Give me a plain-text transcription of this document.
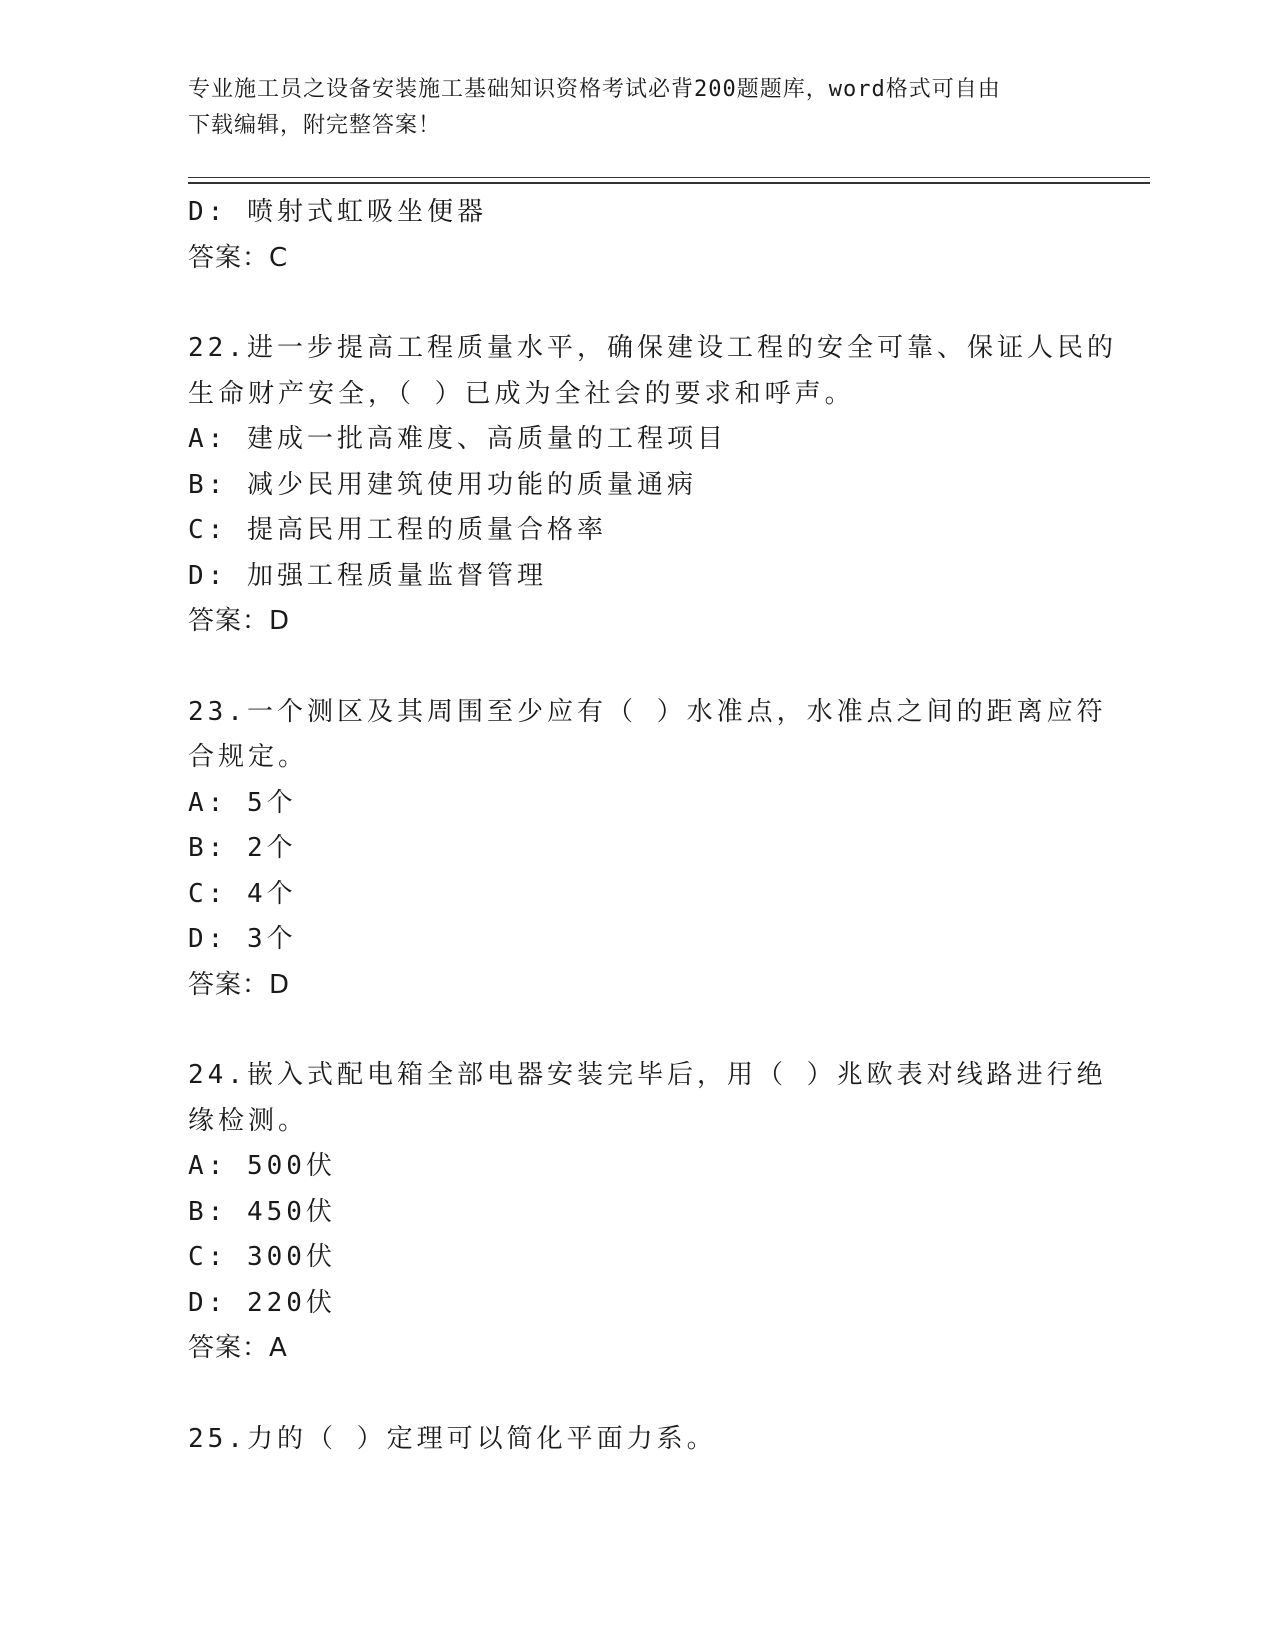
专业施工员之设备安装施工基础知识资格考试必背200题题库，word格式可自由
下载编辑，附完整答案！
D: 喷射式虹吸坐便器
答案：C
22.进一步提高工程质量水平，确保建设工程的安全可靠、保证人民的
生命财产安全，（ ）已成为全社会的要求和呼声。
A: 建成一批高难度、高质量的工程项目
B: 减少民用建筑使用功能的质量通病
C: 提高民用工程的质量合格率
D: 加强工程质量监督管理
答案：D
23.一个测区及其周围至少应有（ ）水准点，水准点之间的距离应符
合规定。
A: 5个
B: 2个
C: 4个
D: 3个
答案：D
24.嵌入式配电箱全部电器安装完毕后，用（ ）兆欧表对线路进行绝
缘检测。
A: 500伏
B: 450伏
C: 300伏
D: 220伏
答案：A
25.力的（ ）定理可以简化平面力系。
